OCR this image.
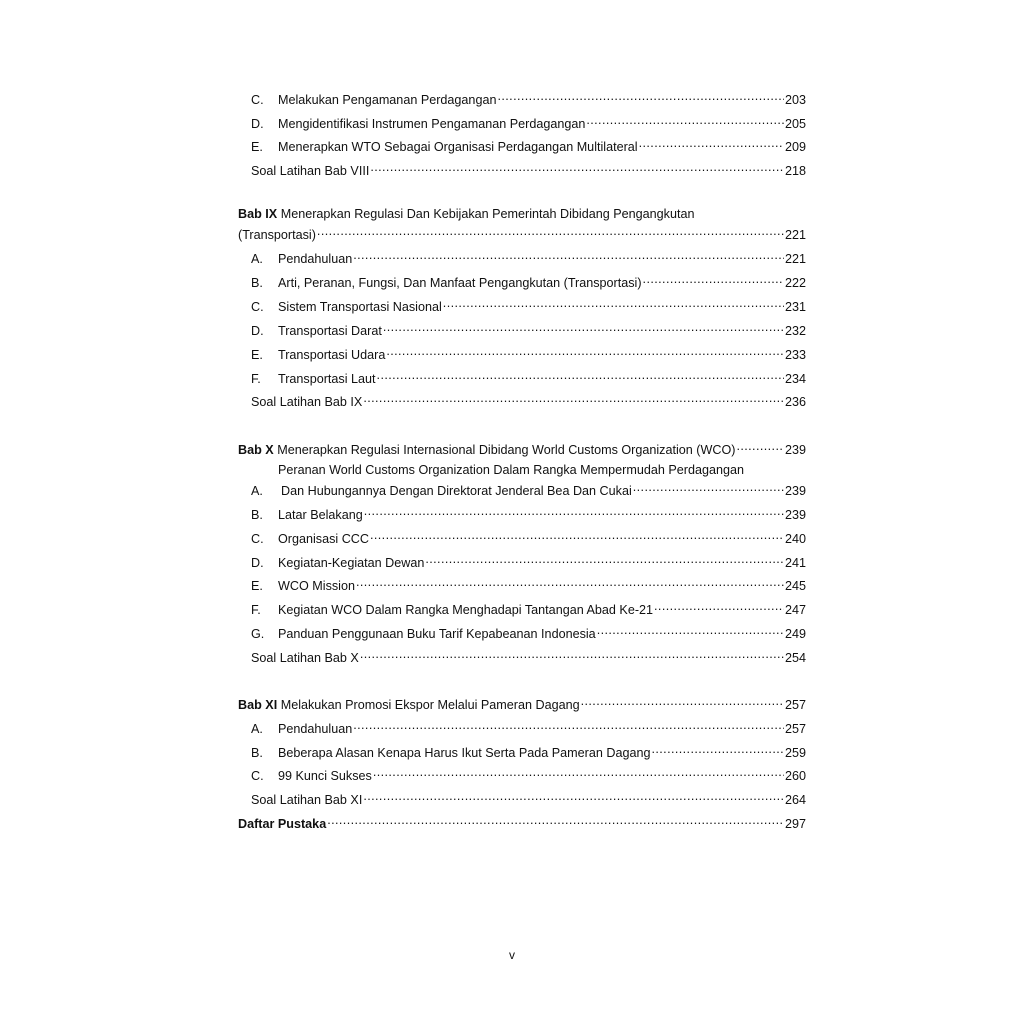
C. Melakukan Pengamanan Perdagangan .....	203
D. Mengidentifikasi Instrumen Pengamanan Perdagangan .....	205
E. Menerapkan WTO Sebagai Organisasi Perdagangan Multilateral .....	209
Soal Latihan Bab VIII .....	218
Bab IX Menerapkan Regulasi Dan Kebijakan Pemerintah Dibidang Pengangkutan
(Transportasi) .....	221
A. Pendahuluan .....	221
B. Arti, Peranan, Fungsi, Dan Manfaat Pengangkutan (Transportasi) .....	222
C. Sistem Transportasi Nasional .....	231
D. Transportasi Darat .....	232
E. Transportasi Udara .....	233
F. Transportasi Laut .....	234
Soal Latihan Bab IX .....	236
Bab X Menerapkan Regulasi Internasional Dibidang World Customs Organization (WCO) .....	239
Peranan World Customs Organization Dalam Rangka Mempermudah Perdagangan
A. Dan Hubungannya Dengan Direktorat Jenderal Bea Dan Cukai .....	239
B. Latar Belakang .....	239
C. Organisasi CCC .....	240
D. Kegiatan-Kegiatan Dewan .....	241
E. WCO Mission .....	245
F. Kegiatan WCO Dalam Rangka Menghadapi Tantangan Abad Ke-21 .....	247
G. Panduan Penggunaan Buku Tarif Kepabeanan Indonesia .....	249
Soal Latihan Bab X .....	254
Bab XI Melakukan Promosi Ekspor Melalui Pameran Dagang .....	257
A. Pendahuluan .....	257
B. Beberapa Alasan Kenapa Harus Ikut Serta Pada Pameran Dagang .....	259
C. 99 Kunci Sukses .....	260
Soal Latihan Bab XI .....	264
Daftar Pustaka .....	297
v
